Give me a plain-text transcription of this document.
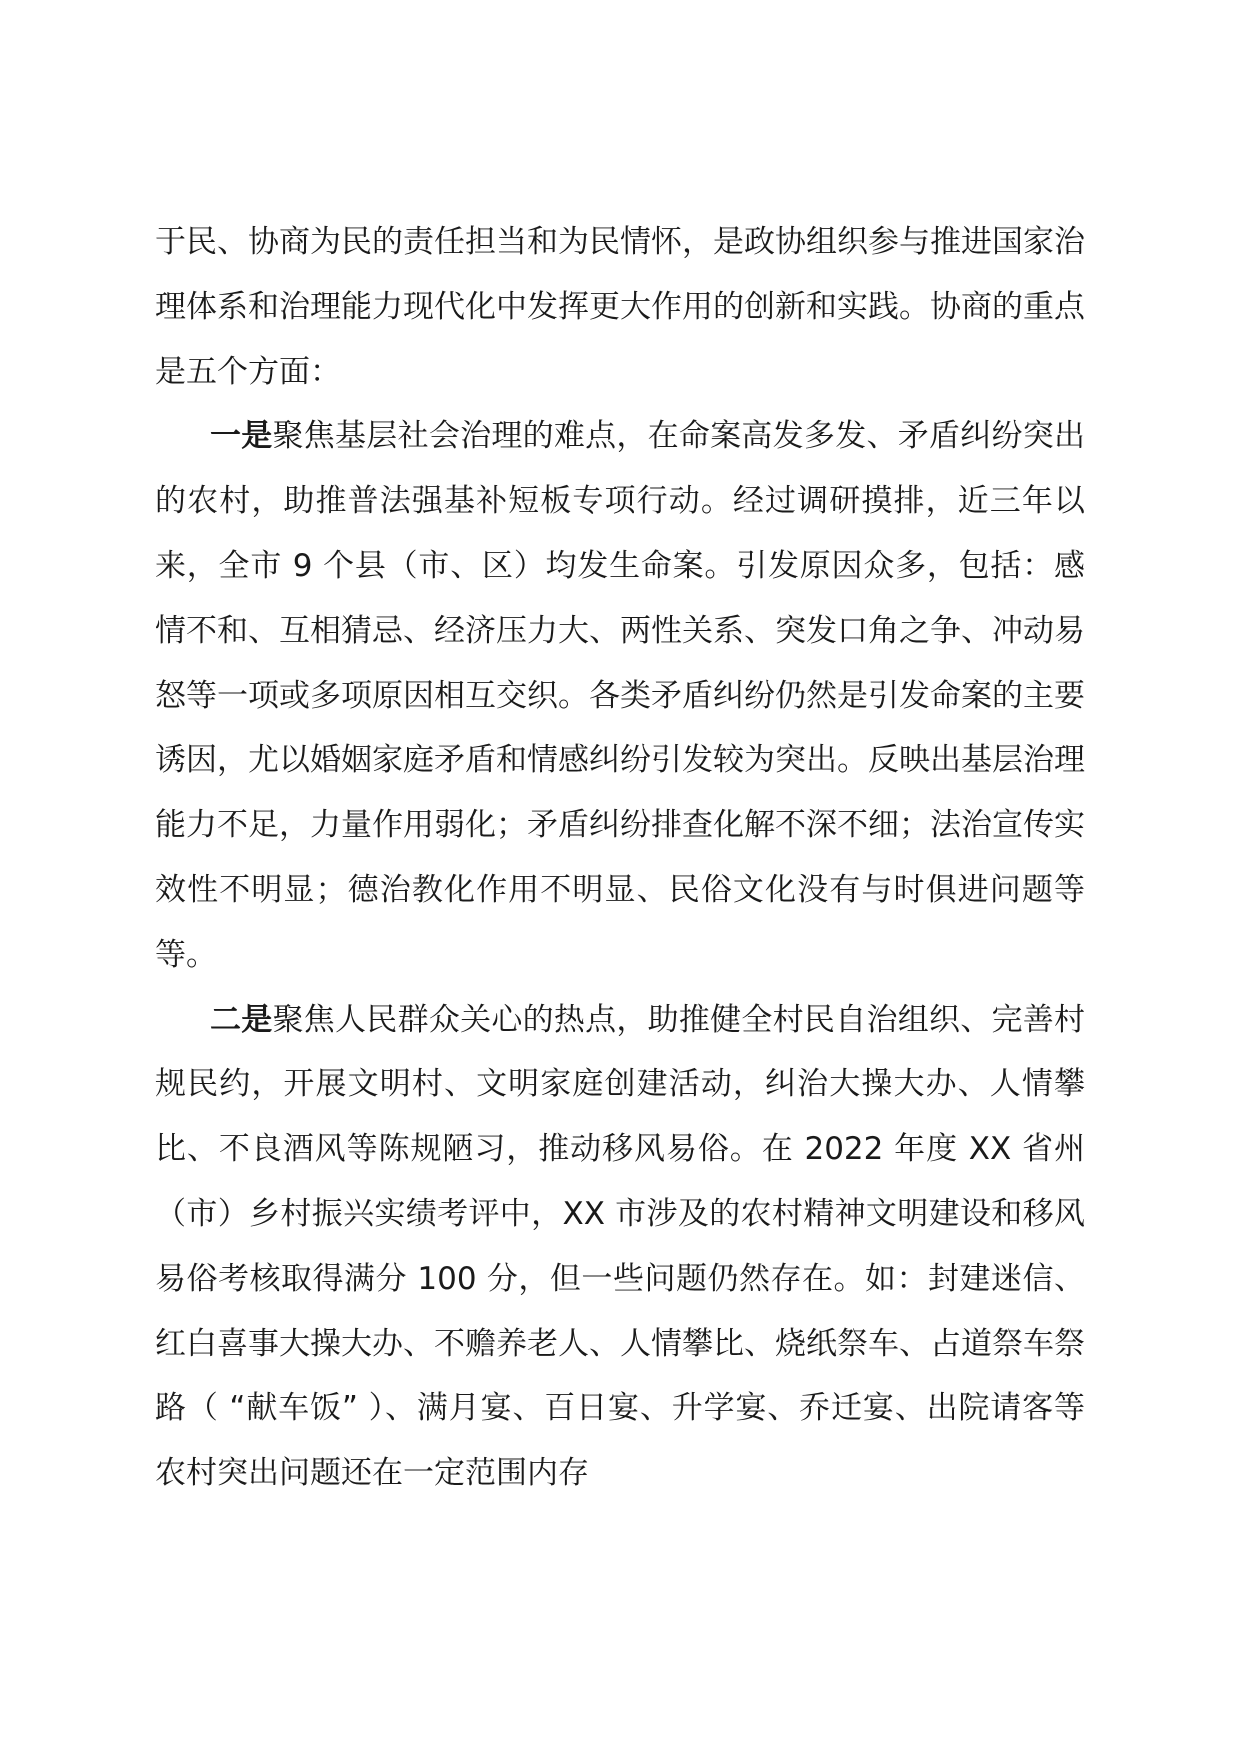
于民、协商为民的责任担当和为民情怀，是政协组织参与推进国家治理体系和治理能力现代化中发挥更大作用的创新和实践。协商的重点是五个方面：

一是聚焦基层社会治理的难点，在命案高发多发、矛盾纠纷突出的农村，助推普法强基补短板专项行动。经过调研摸排，近三年以来，全市 9 个县（市、区）均发生命案。引发原因众多，包括：感情不和、互相猜忌、经济压力大、两性关系、突发口角之争、冲动易怒等一项或多项原因相互交织。各类矛盾纠纷仍然是引发命案的主要诱因，尤以婚姻家庭矛盾和情感纠纷引发较为突出。反映出基层治理能力不足，力量作用弱化；矛盾纠纷排查化解不深不细；法治宣传实效性不明显；德治教化作用不明显、民俗文化没有与时俱进问题等等。

二是聚焦人民群众关心的热点，助推健全村民自治组织、完善村规民约，开展文明村、文明家庭创建活动，纠治大操大办、人情攀比、不良酒风等陈规陋习，推动移风易俗。在 2022 年度 XX 省州（市）乡村振兴实绩考评中，XX 市涉及的农村精神文明建设和移风易俗考核取得满分 100 分，但一些问题仍然存在。如：封建迷信、红白喜事大操大办、不赡养老人、人情攀比、烧纸祭车、占道祭车祭路（ “献车饭” ）、满月宴、百日宴、升学宴、乔迁宴、出院请客等农村突出问题还在一定范围内存
